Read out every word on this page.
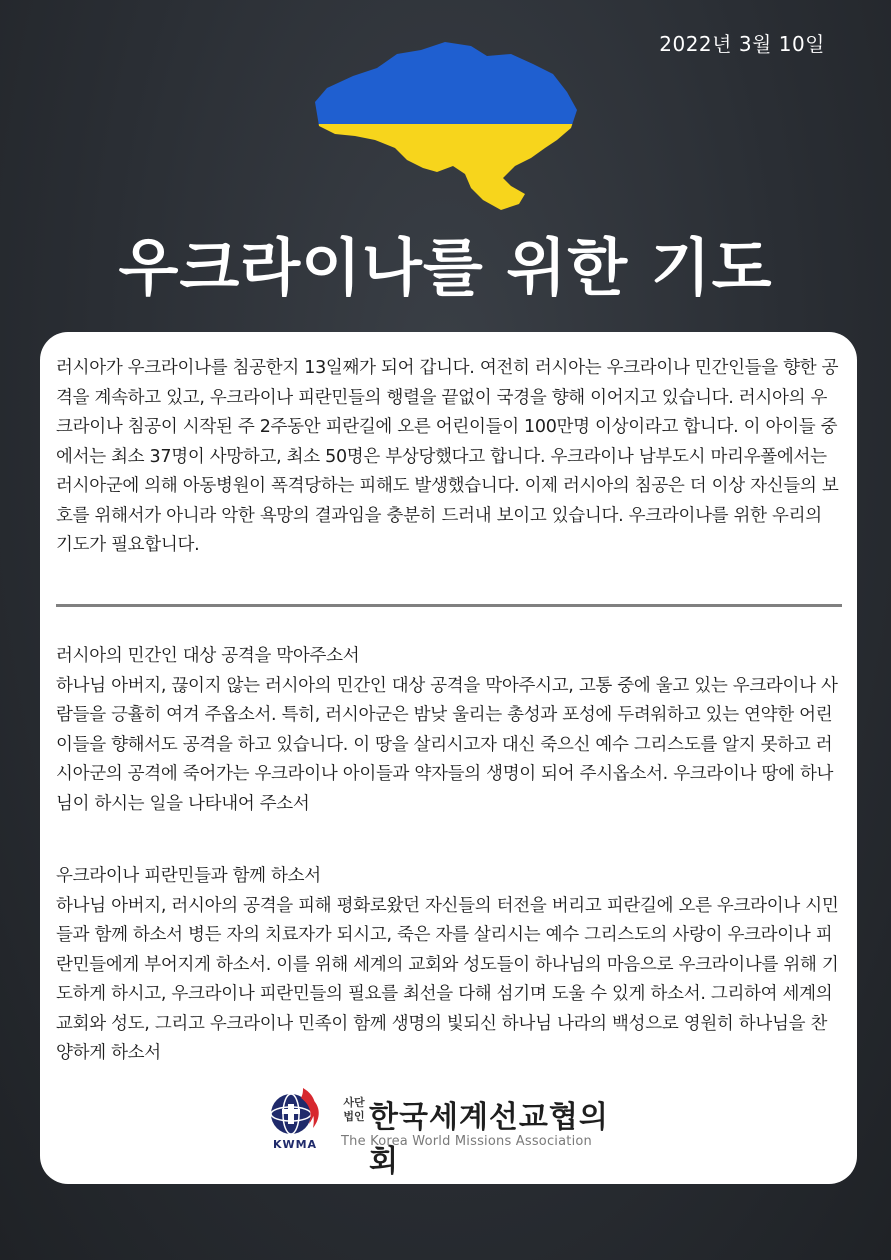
2022년 3월 10일
우크라이나를 위한 기도

러시아가 우크라이나를 침공한지 13일째가 되어 갑니다. 여전히 러시아는 우크라이나 민간인들을 향한 공격을 계속하고 있고, 우크라이나 피란민들의 행렬을 끝없이 국경을 향해 이어지고 있습니다. 러시아의 우크라이나 침공이 시작된 주 2주동안 피란길에 오른 어린이들이 100만명 이상이라고 합니다. 이 아이들 중에서는 최소 37명이 사망하고, 최소 50명은 부상당했다고 합니다. 우크라이나 남부도시 마리우폴에서는 러시아군에 의해 아동병원이 폭격당하는 피해도 발생했습니다. 이제 러시아의 침공은 더 이상 자신들의 보호를 위해서가 아니라 악한 욕망의 결과임을 충분히 드러내 보이고 있습니다. 우크라이나를 위한 우리의 기도가 필요합니다.

러시아의 민간인 대상 공격을 막아주소서

하나님 아버지, 끊이지 않는 러시아의 민간인 대상 공격을 막아주시고, 고통 중에 울고 있는 우크라이나 사람들을 긍휼히 여겨 주옵소서. 특히, 러시아군은 밤낮 울리는 총성과 포성에 두려워하고 있는 연약한 어린이들을 향해서도 공격을 하고 있습니다. 이 땅을 살리시고자 대신 죽으신 예수 그리스도를 알지 못하고 러시아군의 공격에 죽어가는 우크라이나 아이들과 약자들의 생명이 되어 주시옵소서. 우크라이나 땅에 하나님이 하시는 일을 나타내어 주소서

우크라이나 피란민들과 함께 하소서

하나님 아버지, 러시아의 공격을 피해 평화로왔던 자신들의 터전을 버리고 피란길에 오른 우크라이나 시민들과 함께 하소서 병든 자의 치료자가 되시고, 죽은 자를 살리시는 예수 그리스도의 사랑이 우크라이나 피란민들에게 부어지게 하소서. 이를 위해 세계의 교회와 성도들이 하나님의 마음으로 우크라이나를 위해 기도하게 하시고, 우크라이나 피란민들의 필요를 최선을 다해 섬기며 도울 수 있게 하소서. 그리하여 세계의 교회와 성도, 그리고 우크라이나 민족이 함께 생명의 빛되신 하나님 나라의 백성으로 영원히 하나님을 찬양하게 하소서

KWMA
사단
법인 한국세계선교협의회
The Korea World Missions Association
